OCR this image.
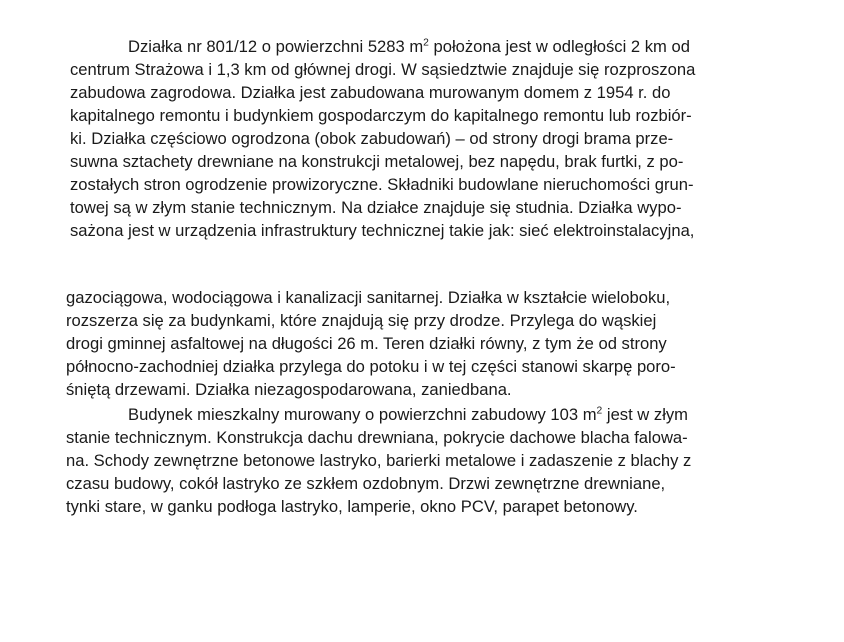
Działka nr 801/12 o powierzchni 5283 $m^2$ położona jest w odległości 2 km od
centrum Strażowa i 1,3 km od głównej drogi. W sąsiedztwie znajduje się rozproszona
zabudowa zagrodowa. Działka jest zabudowana murowanym domem z 1954 r. do
kapitalnego remontu i budynkiem gospodarczym do kapitalnego remontu lub rozbiór-
ki. Działka częściowo ogrodzona (obok zabudowań) – od strony drogi brama prze-
suwna sztachety drewniane na konstrukcji metalowej, bez napędu, brak furtki, z po-
zostałych stron ogrodzenie prowizoryczne. Składniki budowlane nieruchomości grun-
towej są w złym stanie technicznym. Na działce znajduje się studnia. Działka wypo-
sażona jest w urządzenia infrastruktury technicznej takie jak: sieć elektroinstalacyjna,
gazociągowa, wodociągowa i kanalizacji sanitarnej. Działka w kształcie wieloboku,
rozszerza się za budynkami, które znajdują się przy drodze. Przylega do wąskiej
drogi gminnej asfaltowej na długości 26 m. Teren działki równy, z tym że od strony
północno-zachodniej działka przylega do potoku i w tej części stanowi skarpę poro-
śniętą drzewami. Działka niezagospodarowana, zaniedbana.
Budynek mieszkalny murowany o powierzchni zabudowy 103 $m^2$ jest w złym
stanie technicznym. Konstrukcja dachu drewniana, pokrycie dachowe blacha falowa-
na. Schody zewnętrzne betonowe lastryko, barierki metalowe i zadaszenie z blachy z
czasu budowy, cokół lastryko ze szkłem ozdobnym. Drzwi zewnętrzne drewniane,
tynki stare, w ganku podłoga lastryko, lamperie, okno PCV, parapet betonowy.
